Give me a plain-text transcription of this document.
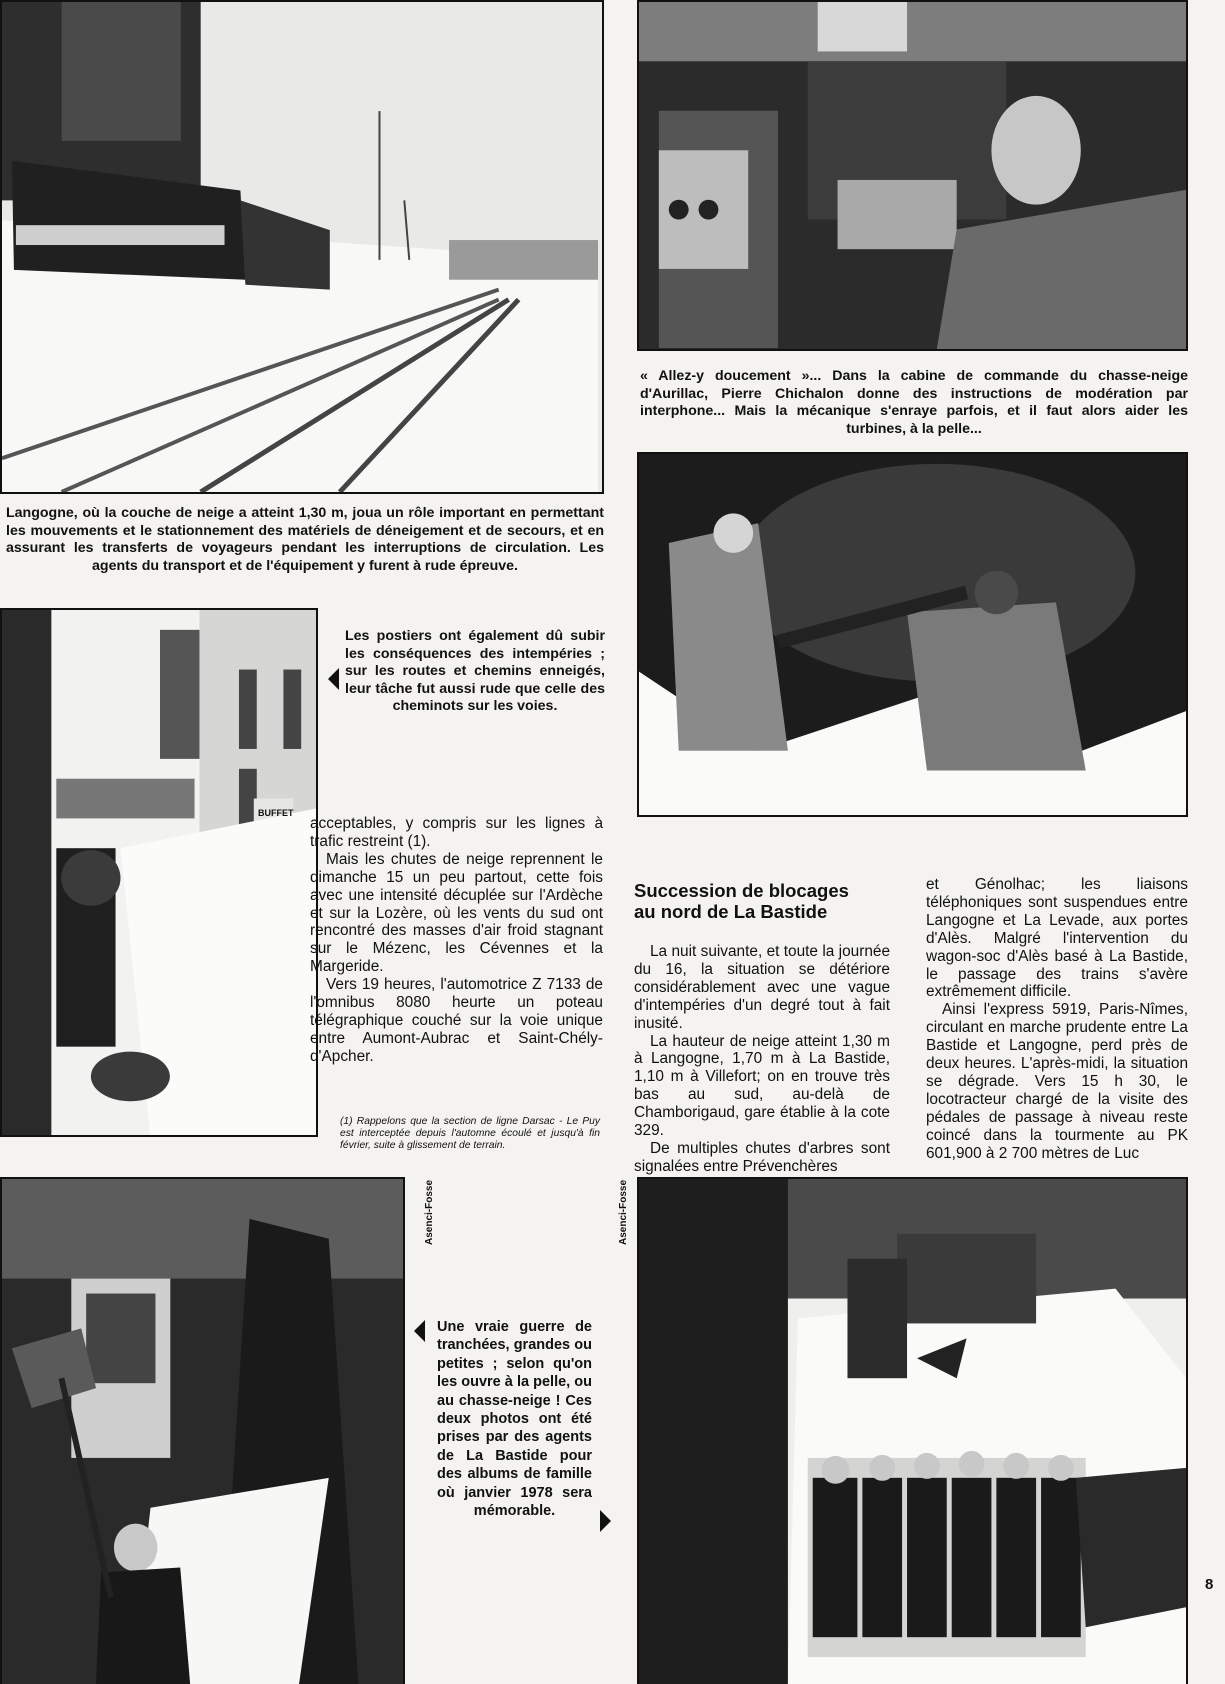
« Allez-y doucement »... Dans la cabine de commande du chasse-neige d'Aurillac, Pierre Chichalon donne des instructions de modération par interphone... Mais la mécanique s'enraye parfois, et il faut alors aider les turbines, à la pelle...

Langogne, où la couche de neige a atteint 1,30 m, joua un rôle important en permettant les mouvements et le stationnement des matériels de déneigement et de secours, et en assurant les transferts de voyageurs pendant les interruptions de circulation. Les agents du transport et de l'équipement y furent à rude épreuve.

BUFFET

Les postiers ont également dû subir les conséquences des intempéries ; sur les routes et chemins enneigés, leur tâche fut aussi rude que celle des cheminots sur les voies.

acceptables, y compris sur les lignes à trafic restreint (1).

Mais les chutes de neige reprennent le dimanche 15 un peu partout, cette fois avec une intensité décuplée sur l'Ardèche et sur la Lozère, où les vents du sud ont rencontré des masses d'air froid stagnant sur le Mézenc, les Cévennes et la Margeride.

Vers 19 heures, l'automotrice Z 7133 de l'omnibus 8080 heurte un poteau télégraphique couché sur la voie unique entre Aumont-Aubrac et Saint-Chély-d'Apcher.

(1) Rappelons que la section de ligne Darsac - Le Puy est interceptée depuis l'automne écoulé et jusqu'à fin février, suite à glissement de terrain.

Succession de blocages au nord de La Bastide

La nuit suivante, et toute la journée du 16, la situation se détériore considérablement avec une vague d'intempéries d'un degré tout à fait inusité.

La hauteur de neige atteint 1,30 m à Langogne, 1,70 m à La Bastide, 1,10 m à Villefort; on en trouve très bas au sud, au-delà de Chamborigaud, gare établie à la cote 329.

De multiples chutes d'arbres sont signalées entre Prévenchères

et Génolhac; les liaisons téléphoniques sont suspendues entre Langogne et La Levade, aux portes d'Alès. Malgré l'intervention du wagon-soc d'Alès basé à La Bastide, le passage des trains s'avère extrêmement difficile.

Ainsi l'express 5919, Paris-Nîmes, circulant en marche prudente entre La Bastide et Langogne, perd près de deux heures. L'après-midi, la situation se dégrade. Vers 15 h 30, le locotracteur chargé de la visite des pédales de passage à niveau reste coincé dans la tourmente au PK 601,900 à 2 700 mètres de Luc

Asenci-Fosse

Une vraie guerre de tranchées, grandes ou petites ; selon qu'on les ouvre à la pelle, ou au chasse-neige ! Ces deux photos ont été prises par des agents de La Bastide pour des albums de famille où janvier 1978 sera mémorable.

Asenci-Fosse
8
